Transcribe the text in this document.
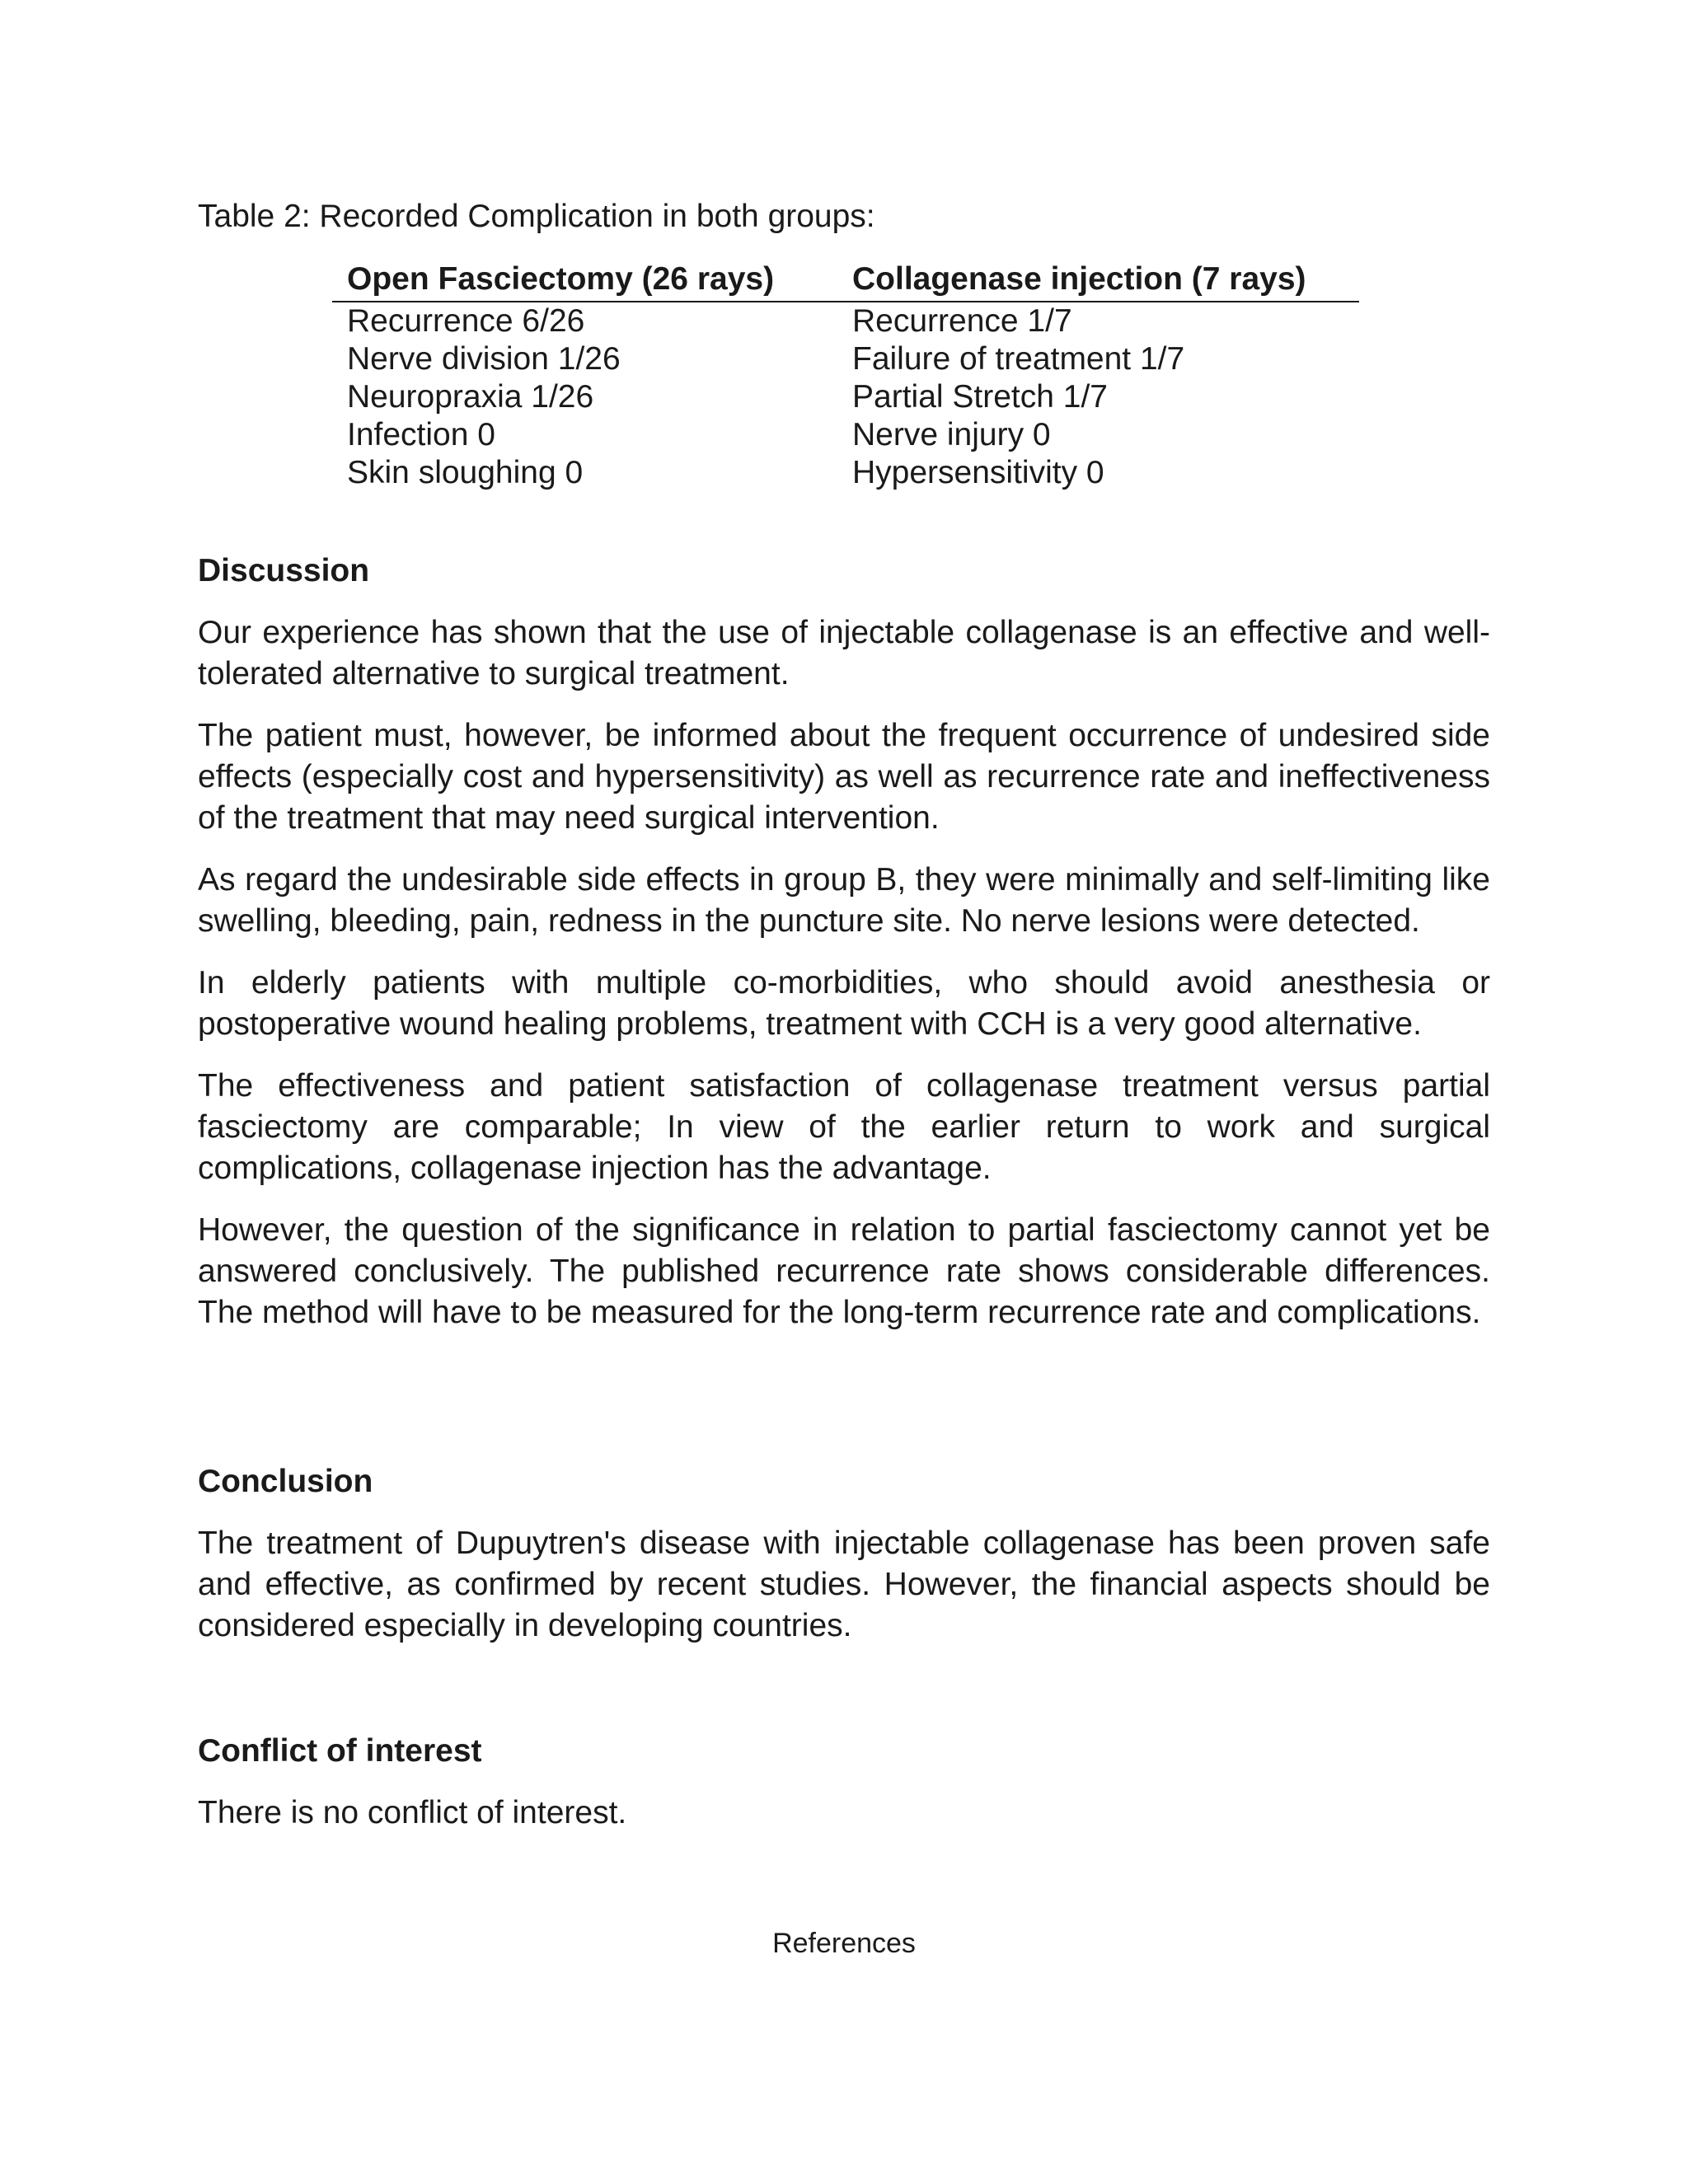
Table 2: Recorded Complication in both groups:

Open Fasciectomy (26 rays)	Collagenase injection (7 rays)
Recurrence 6/26	Recurrence 1/7
Nerve division 1/26	Failure of treatment 1/7
Neuropraxia 1/26	Partial Stretch 1/7
Infection 0	Nerve injury 0
Skin sloughing 0	Hypersensitivity 0
Discussion

Our experience has shown that the use of injectable collagenase is an effective and well-tolerated alternative to surgical treatment.

The patient must, however, be informed about the frequent occurrence of undesired side effects (especially cost and hypersensitivity) as well as recurrence rate and ineffectiveness of the treatment that may need surgical intervention.

As regard the undesirable side effects in group B, they were minimally and self-limiting like swelling, bleeding, pain, redness in the puncture site. No nerve lesions were detected.

In elderly patients with multiple co-morbidities, who should avoid anesthesia or postoperative wound healing problems, treatment with CCH is a very good alternative.

The effectiveness and patient satisfaction of collagenase treatment versus partial fasciectomy are comparable; In view of the earlier return to work and surgical complications, collagenase injection has the advantage.

However, the question of the significance in relation to partial fasciectomy cannot yet be answered conclusively. The published recurrence rate shows considerable differences. The method will have to be measured for the long-term recurrence rate and complications.

Conclusion

The treatment of Dupuytren's disease with injectable collagenase has been proven safe and effective, as confirmed by recent studies. However, the financial aspects should be considered especially in developing countries.

Conflict of interest

There is no conflict of interest.

References
